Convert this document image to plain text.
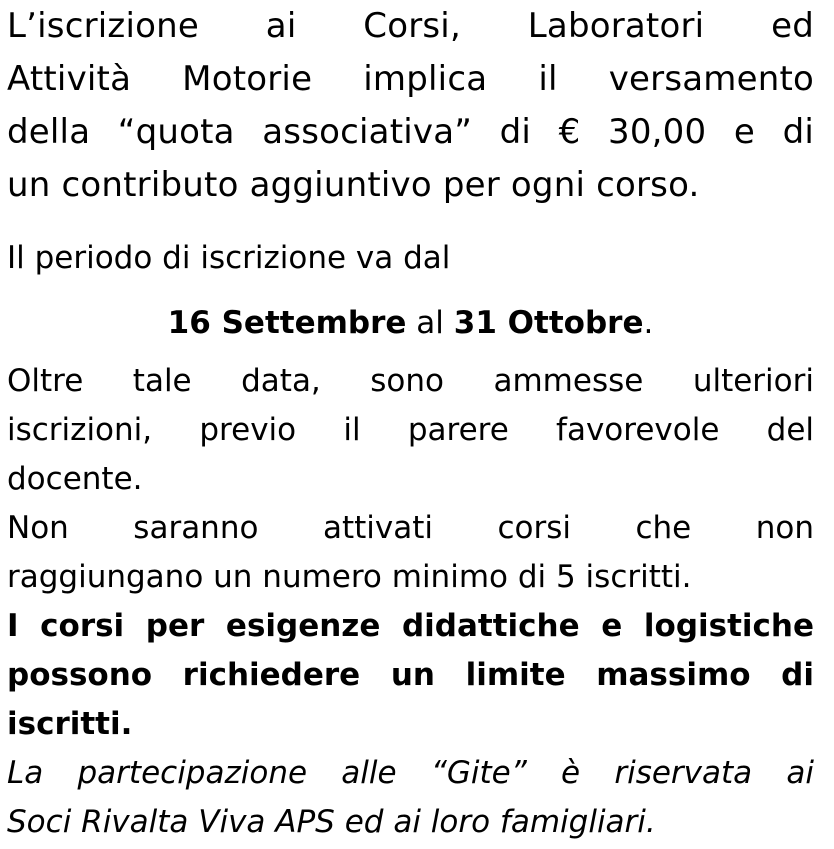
L’iscrizione ai Corsi, Laboratori ed
Attività Motorie implica il versamento
della “quota associativa” di € 30,00 e di
un contributo aggiuntivo per ogni corso.

Il periodo di iscrizione va dal

16 Settembre al 31 Ottobre.

Oltre tale data, sono ammesse ulteriori
iscrizioni, previo il parere favorevole del
docente.

Non saranno attivati corsi che non
raggiungano un numero minimo di 5 iscritti.

I corsi per esigenze didattiche e logistiche
possono richiedere un limite massimo di
iscritti.

La partecipazione alle “Gite” è riservata ai
Soci Rivalta Viva APS ed ai loro famigliari.
